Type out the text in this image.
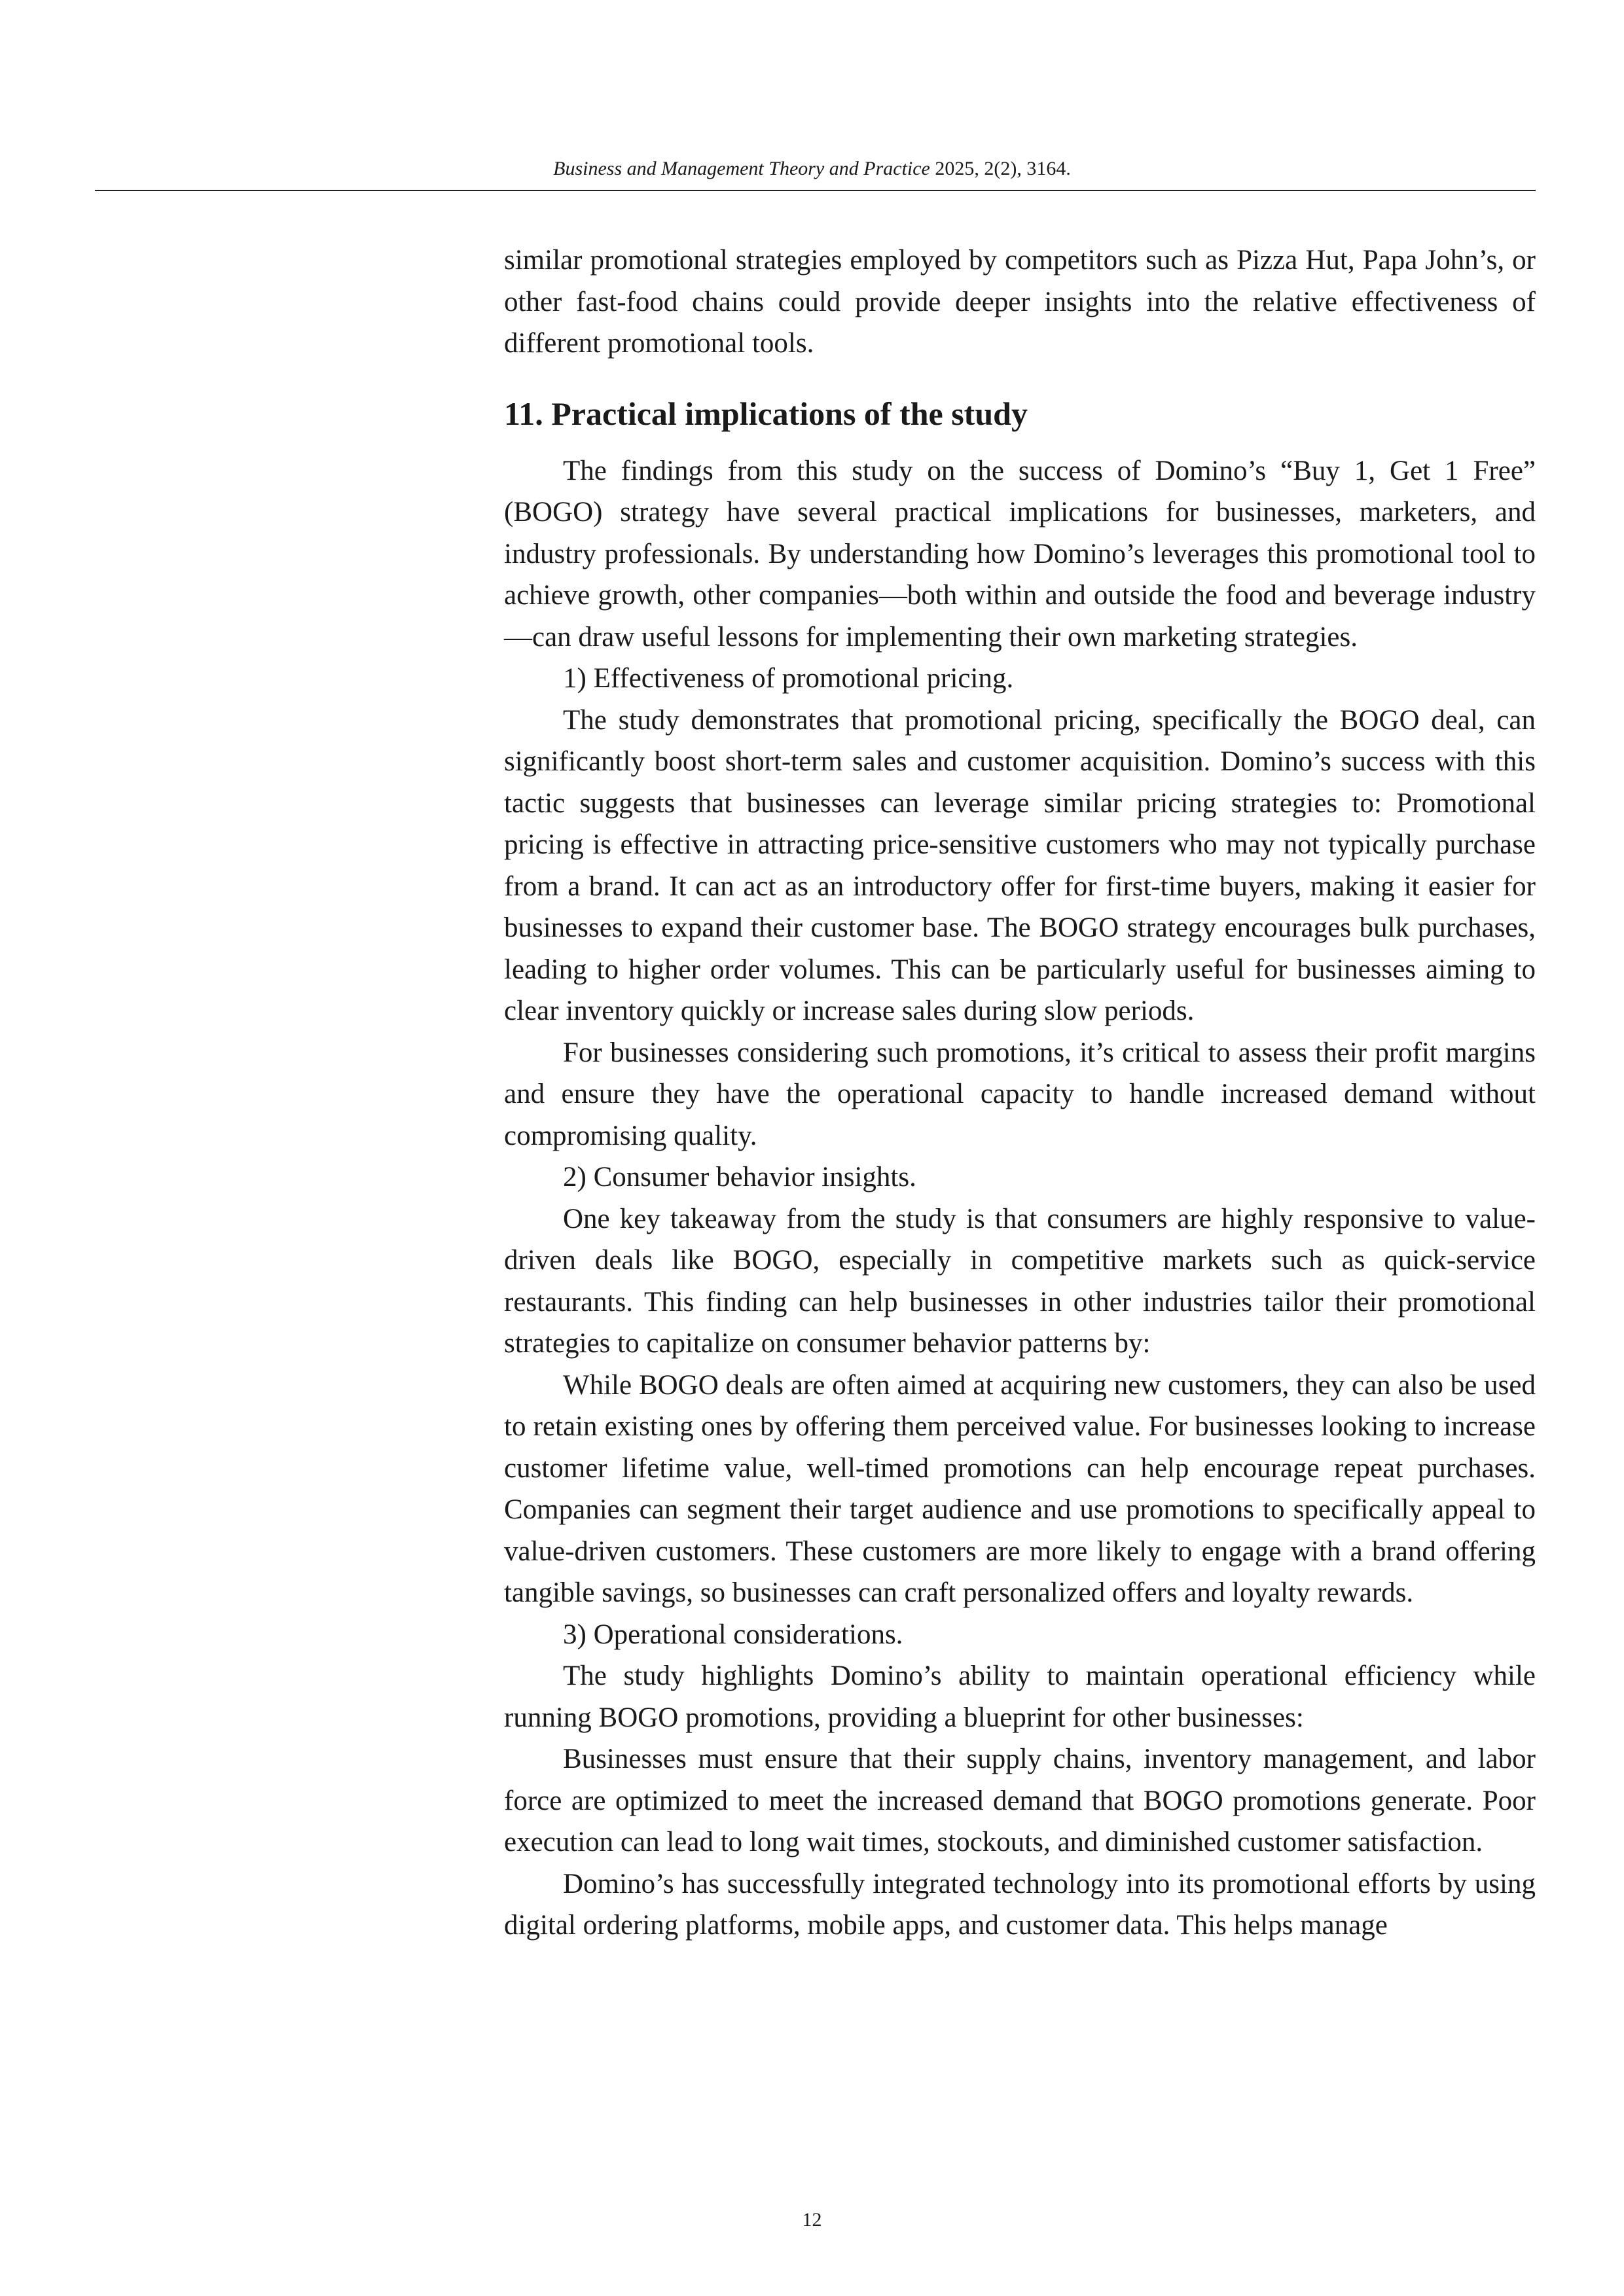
Business and Management Theory and Practice 2025, 2(2), 3164.

similar promotional strategies employed by competitors such as Pizza Hut, Papa John’s, or other fast-food chains could provide deeper insights into the relative effectiveness of different promotional tools.

11. Practical implications of the study

The findings from this study on the success of Domino’s “Buy 1, Get 1 Free” (BOGO) strategy have several practical implications for businesses, marketers, and industry professionals. By understanding how Domino’s leverages this promotional tool to achieve growth, other companies—both within and outside the food and beverage industry—can draw useful lessons for implementing their own marketing strategies.

1) Effectiveness of promotional pricing.

The study demonstrates that promotional pricing, specifically the BOGO deal, can significantly boost short-term sales and customer acquisition. Domino’s success with this tactic suggests that businesses can leverage similar pricing strategies to: Promotional pricing is effective in attracting price-sensitive customers who may not typically purchase from a brand. It can act as an introductory offer for first-time buyers, making it easier for businesses to expand their customer base. The BOGO strategy encourages bulk purchases, leading to higher order volumes. This can be particularly useful for businesses aiming to clear inventory quickly or increase sales during slow periods.

For businesses considering such promotions, it’s critical to assess their profit margins and ensure they have the operational capacity to handle increased demand without compromising quality.

2) Consumer behavior insights.

One key takeaway from the study is that consumers are highly responsive to value-driven deals like BOGO, especially in competitive markets such as quick-service restaurants. This finding can help businesses in other industries tailor their promotional strategies to capitalize on consumer behavior patterns by:

While BOGO deals are often aimed at acquiring new customers, they can also be used to retain existing ones by offering them perceived value. For businesses looking to increase customer lifetime value, well-timed promotions can help encourage repeat purchases. Companies can segment their target audience and use promotions to specifically appeal to value-driven customers. These customers are more likely to engage with a brand offering tangible savings, so businesses can craft personalized offers and loyalty rewards.

3) Operational considerations.

The study highlights Domino’s ability to maintain operational efficiency while running BOGO promotions, providing a blueprint for other businesses:

Businesses must ensure that their supply chains, inventory management, and labor force are optimized to meet the increased demand that BOGO promotions generate. Poor execution can lead to long wait times, stockouts, and diminished customer satisfaction.

Domino’s has successfully integrated technology into its promotional efforts by using digital ordering platforms, mobile apps, and customer data. This helps manage

12
